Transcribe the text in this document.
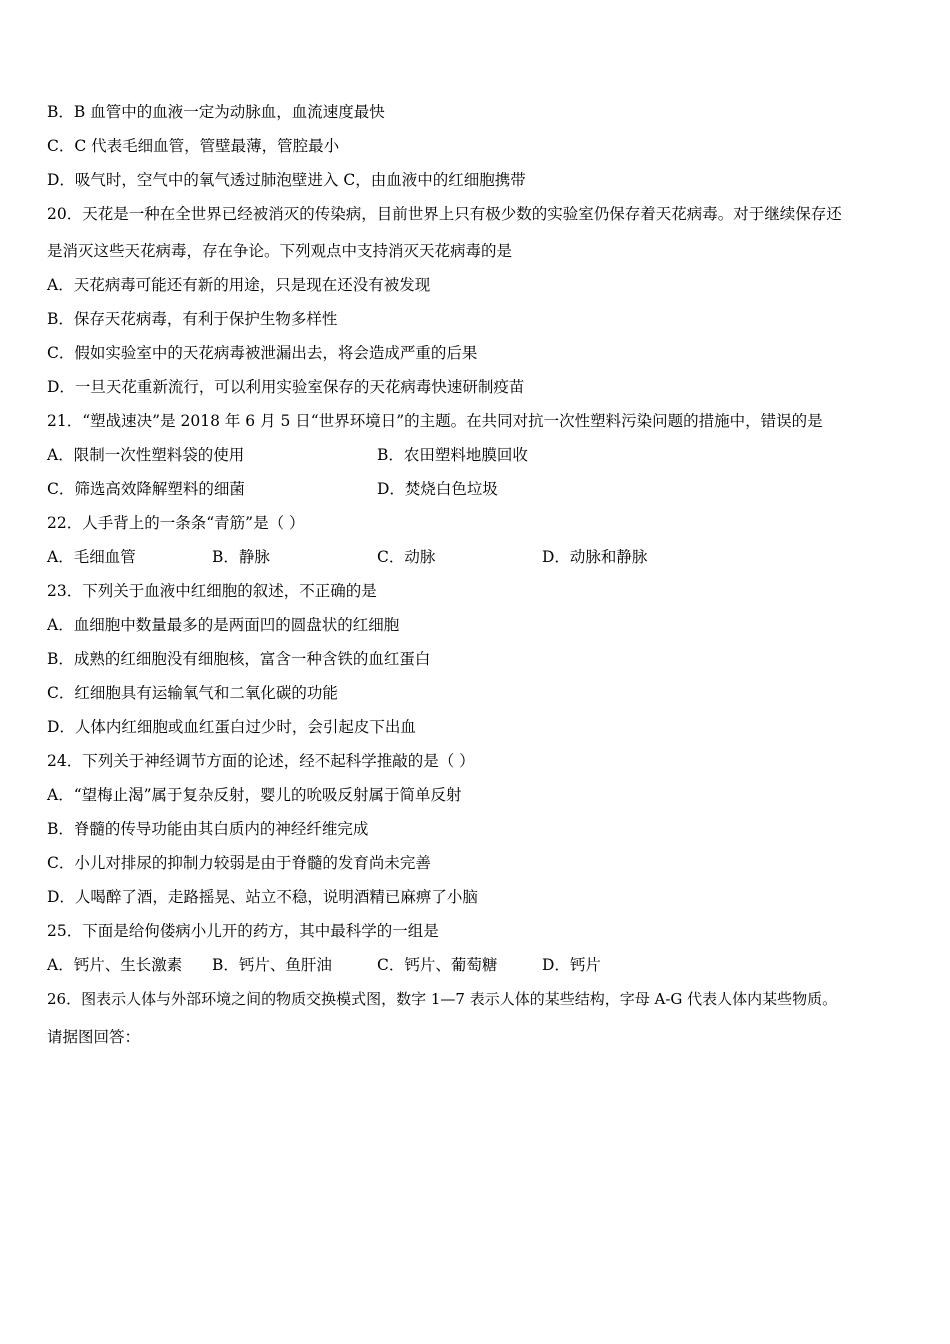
B．B 血管中的血液一定为动脉血，血流速度最快
C．C 代表毛细血管，管壁最薄，管腔最小
D．吸气时，空气中的氧气透过肺泡壁进入 C，由血液中的红细胞携带
20．天花是一种在全世界已经被消灭的传染病，目前世界上只有极少数的实验室仍保存着天花病毒。对于继续保存还
是消灭这些天花病毒，存在争论。下列观点中支持消灭天花病毒的是
A．天花病毒可能还有新的用途，只是现在还没有被发现
B．保存天花病毒，有利于保护生物多样性
C．假如实验室中的天花病毒被泄漏出去，将会造成严重的后果
D．一旦天花重新流行，可以利用实验室保存的天花病毒快速研制疫苗
21．“塑战速决”是 2018 年 6 月 5 日“世界环境日”的主题。在共同对抗一次性塑料污染问题的措施中，错误的是
A．限制一次性塑料袋的使用	B．农田塑料地膜回收
C．筛选高效降解塑料的细菌	D．焚烧白色垃圾
22．人手背上的一条条“青筋”是（ ）
A．毛细血管	B．静脉	C．动脉	D．动脉和静脉
23．下列关于血液中红细胞的叙述，不正确的是
A．血细胞中数量最多的是两面凹的圆盘状的红细胞
B．成熟的红细胞没有细胞核，富含一种含铁的血红蛋白
C．红细胞具有运输氧气和二氧化碳的功能
D．人体内红细胞或血红蛋白过少时，会引起皮下出血
24．下列关于神经调节方面的论述，经不起科学推敲的是（ ）
A．“望梅止渴”属于复杂反射，婴儿的吮吸反射属于简单反射
B．脊髓的传导功能由其白质内的神经纤维完成
C．小儿对排尿的抑制力较弱是由于脊髓的发育尚未完善
D．人喝醉了酒，走路摇晃、站立不稳，说明酒精已麻痹了小脑
25．下面是给佝偻病小儿开的药方，其中最科学的一组是
A．钙片、生长激素 B．钙片、鱼肝油	C．钙片、葡萄糖	D．钙片
26．图表示人体与外部环境之间的物质交换模式图，数字 1—7 表示人体的某些结构，字母 A-G 代表人体内某些物质。
请据图回答：
